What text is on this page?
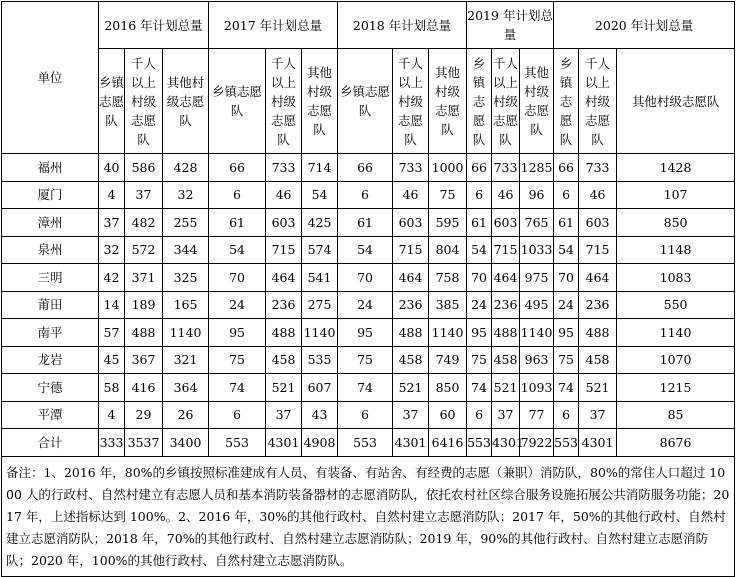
单位	2016 年计划总量			2017 年计划总量			2018 年计划总量			2019 年计划总量			2020 年计划总量		
	乡镇志愿队	千人以上村级志愿队	其他村级志愿队	乡镇志愿队	千人以上村级志愿队	其他村级志愿队	乡镇志愿队	千人以上村级志愿队	其他村级志愿队	乡镇志愿队	千人以上村级志愿队	其他村级志愿队	乡镇志愿队	千人以上村级志愿队	其他村级志愿队
福州	40	586	428	66	733	714	66	733	1000	66	733	1285	66	733	1428
厦门	4	37	32	6	46	54	6	46	75	6	46	96	6	46	107
漳州	37	482	255	61	603	425	61	603	595	61	603	765	61	603	850
泉州	32	572	344	54	715	574	54	715	804	54	715	1033	54	715	1148
三明	42	371	325	70	464	541	70	464	758	70	464	975	70	464	1083
莆田	14	189	165	24	236	275	24	236	385	24	236	495	24	236	550
南平	57	488	1140	95	488	1140	95	488	1140	95	488	1140	95	488	1140
龙岩	45	367	321	75	458	535	75	458	749	75	458	963	75	458	1070
宁德	58	416	364	74	521	607	74	521	850	74	521	1093	74	521	1215
平潭	4	29	26	6	37	43	6	37	60	6	37	77	6	37	85
合计	333	3537	3400	553	4301	4908	553	4301	6416	553	4301	7922	553	4301	8676
备注：1、2016 年，80%的乡镇按照标准建成有人员、有装备、有站舍、有经费的志愿（兼职）消防队，80%的常住人口超过 1000 人的行政村、自然村建立有志愿人员和基本消防装备器材的志愿消防队，依托农村社区综合服务设施拓展公共消防服务功能；2017 年，上述指标达到 100%。2、2016 年，30%的其他行政村、自然村建立志愿消防队；2017 年，50%的其他行政村、自然村建立志愿消防队；2018 年，70%的其他行政村、自然村建立志愿消防队；2019 年，90%的其他行政村、自然村建立志愿消防队；2020 年，100%的其他行政村、自然村建立志愿消防队。															
